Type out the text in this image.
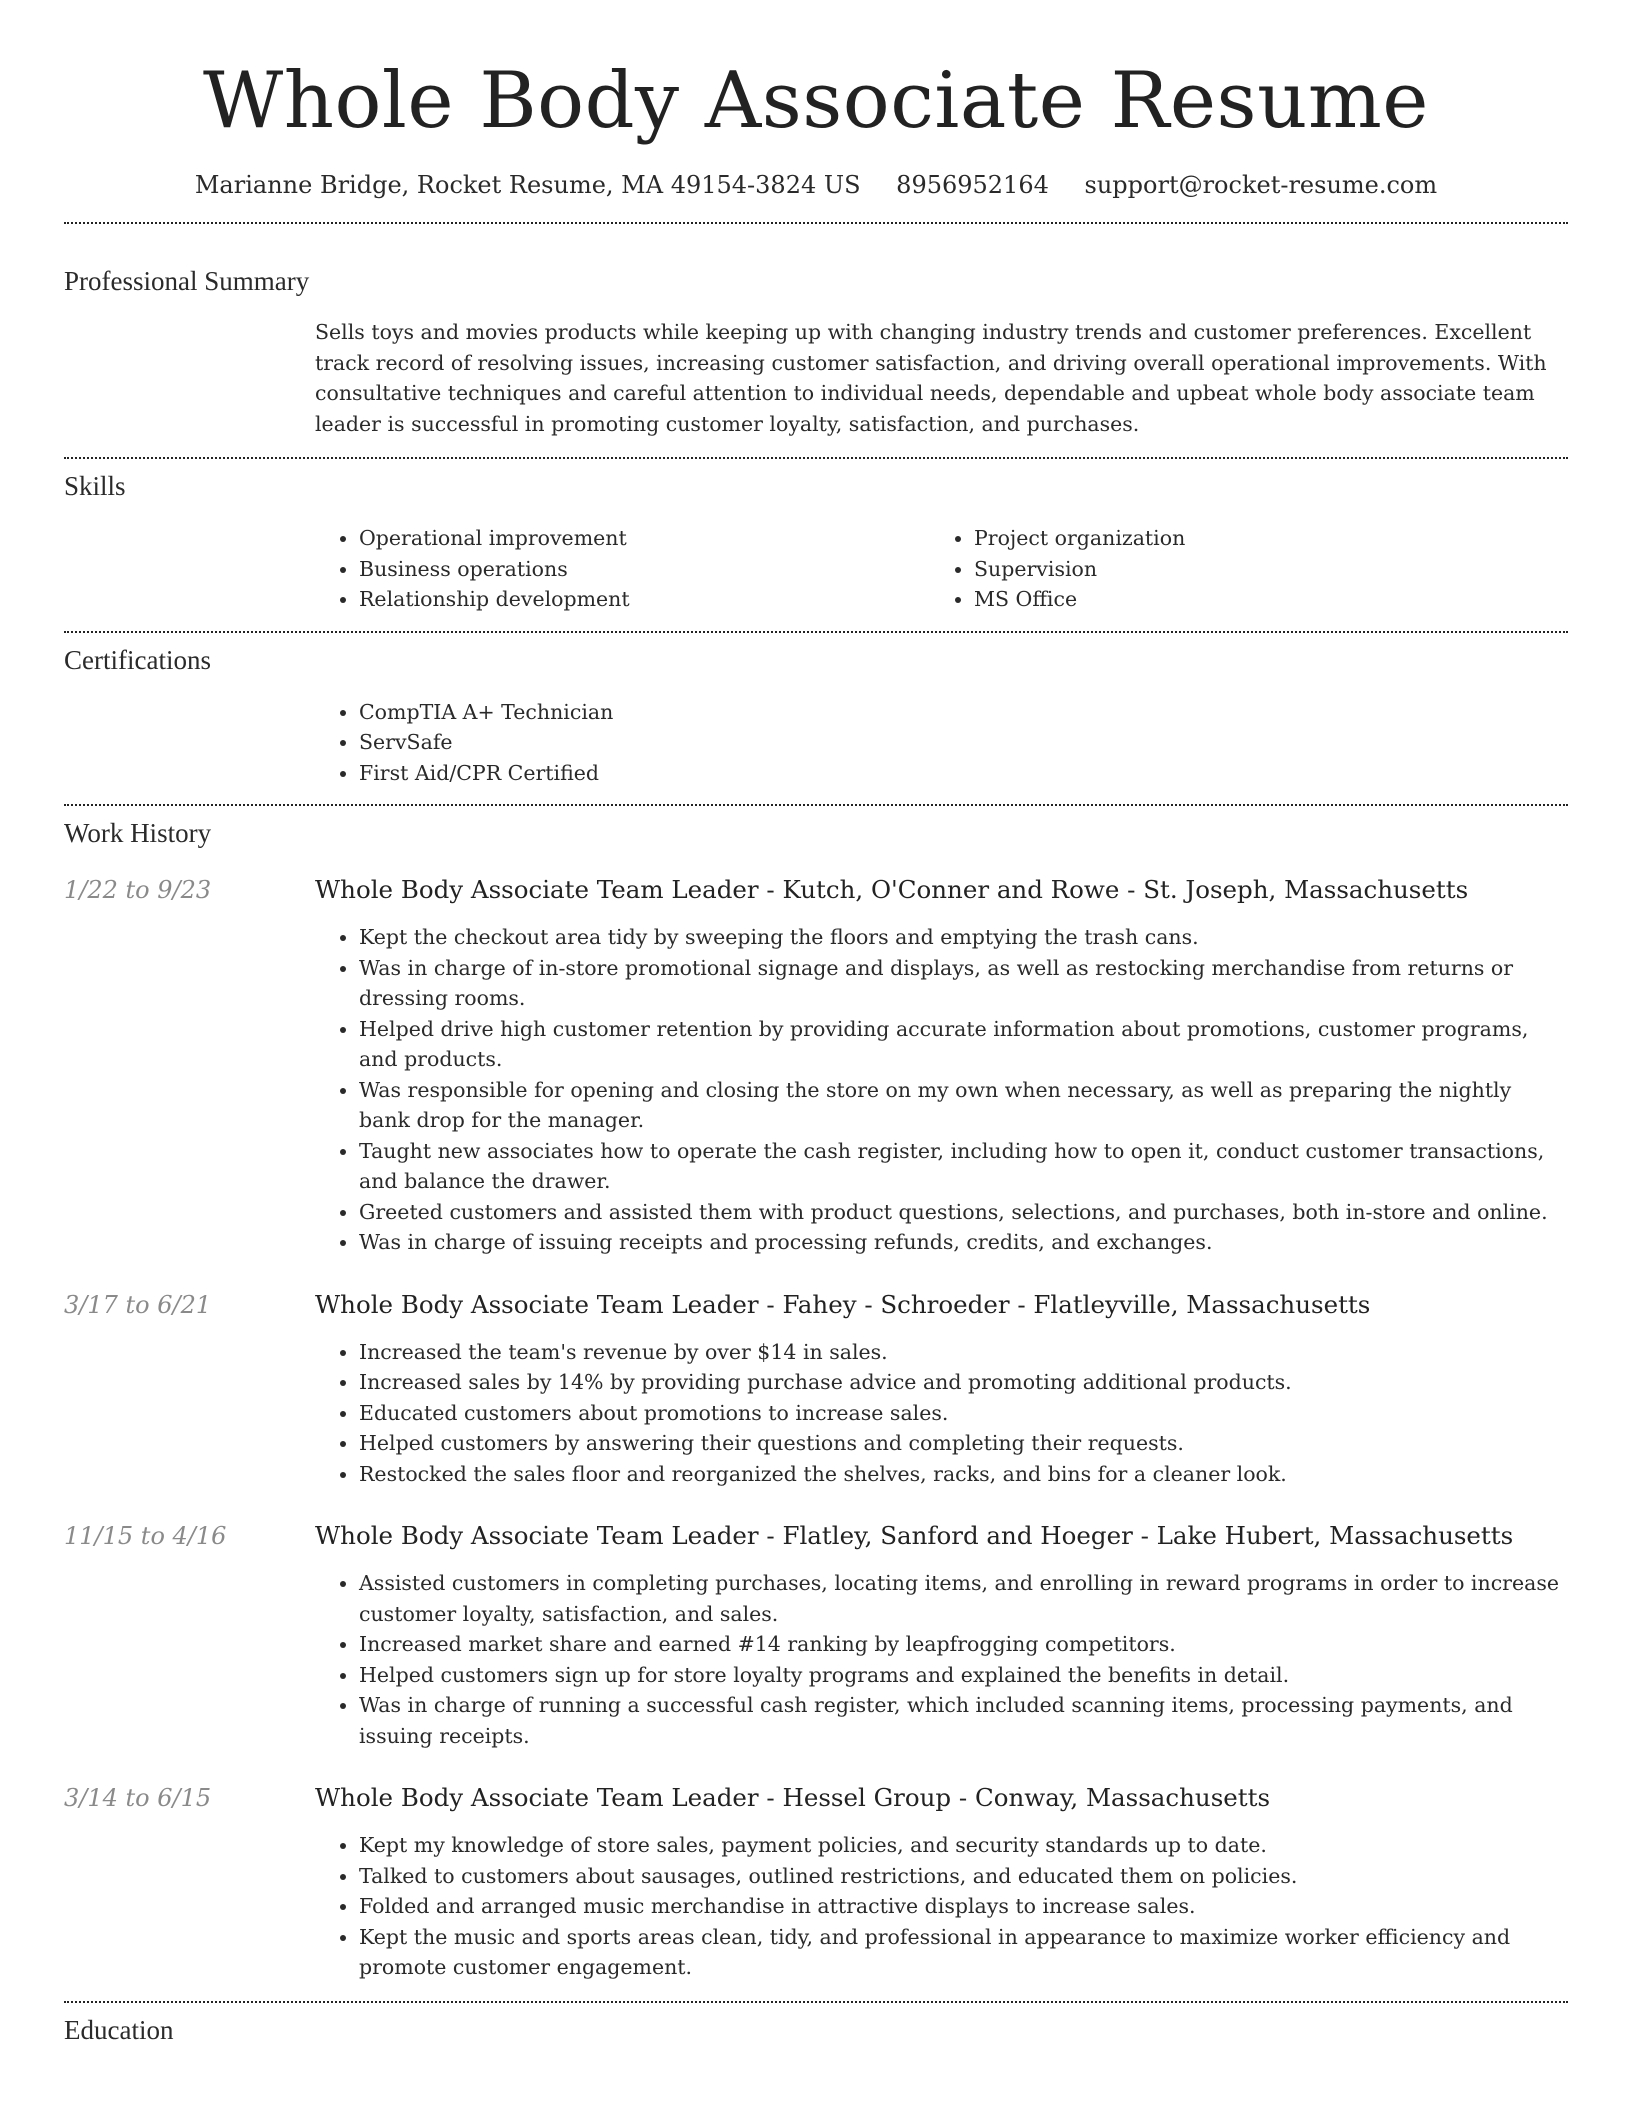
Whole Body Associate Resume
Marianne Bridge, Rocket Resume, MA 49154-3824 US 8956952164 support@rocket-resume.com
Professional Summary

Sells toys and movies products while keeping up with changing industry trends and customer preferences. Excellent track record of resolving issues, increasing customer satisfaction, and driving overall operational improvements. With consultative techniques and careful attention to individual needs, dependable and upbeat whole body associate team leader is successful in promoting customer loyalty, satisfaction, and purchases.

Skills
• Operational improvement
• Business operations
• Relationship development
• Project organization
• Supervision
• MS Office
Certifications
• CompTIA A+ Technician
• ServSafe
• First Aid/CPR Certified
Work History
1/22 to 9/23	Whole Body Associate Team Leader - Kutch, O'Conner and Rowe - St. Joseph, Massachusetts
• Kept the checkout area tidy by sweeping the floors and emptying the trash cans.
• Was in charge of in-store promotional signage and displays, as well as restocking merchandise from returns or dressing rooms.
• Helped drive high customer retention by providing accurate information about promotions, customer programs, and products.
• Was responsible for opening and closing the store on my own when necessary, as well as preparing the nightly bank drop for the manager.
• Taught new associates how to operate the cash register, including how to open it, conduct customer transactions, and balance the drawer.
• Greeted customers and assisted them with product questions, selections, and purchases, both in-store and online.
• Was in charge of issuing receipts and processing refunds, credits, and exchanges.
3/17 to 6/21	Whole Body Associate Team Leader - Fahey - Schroeder - Flatleyville, Massachusetts
• Increased the team's revenue by over $14 in sales.
• Increased sales by 14% by providing purchase advice and promoting additional products.
• Educated customers about promotions to increase sales.
• Helped customers by answering their questions and completing their requests.
• Restocked the sales floor and reorganized the shelves, racks, and bins for a cleaner look.
11/15 to 4/16	Whole Body Associate Team Leader - Flatley, Sanford and Hoeger - Lake Hubert, Massachusetts
• Assisted customers in completing purchases, locating items, and enrolling in reward programs in order to increase customer loyalty, satisfaction, and sales.
• Increased market share and earned #14 ranking by leapfrogging competitors.
• Helped customers sign up for store loyalty programs and explained the benefits in detail.
• Was in charge of running a successful cash register, which included scanning items, processing payments, and issuing receipts.
3/14 to 6/15	Whole Body Associate Team Leader - Hessel Group - Conway, Massachusetts
• Kept my knowledge of store sales, payment policies, and security standards up to date.
• Talked to customers about sausages, outlined restrictions, and educated them on policies.
• Folded and arranged music merchandise in attractive displays to increase sales.
• Kept the music and sports areas clean, tidy, and professional in appearance to maximize worker efficiency and promote customer engagement.
Education
